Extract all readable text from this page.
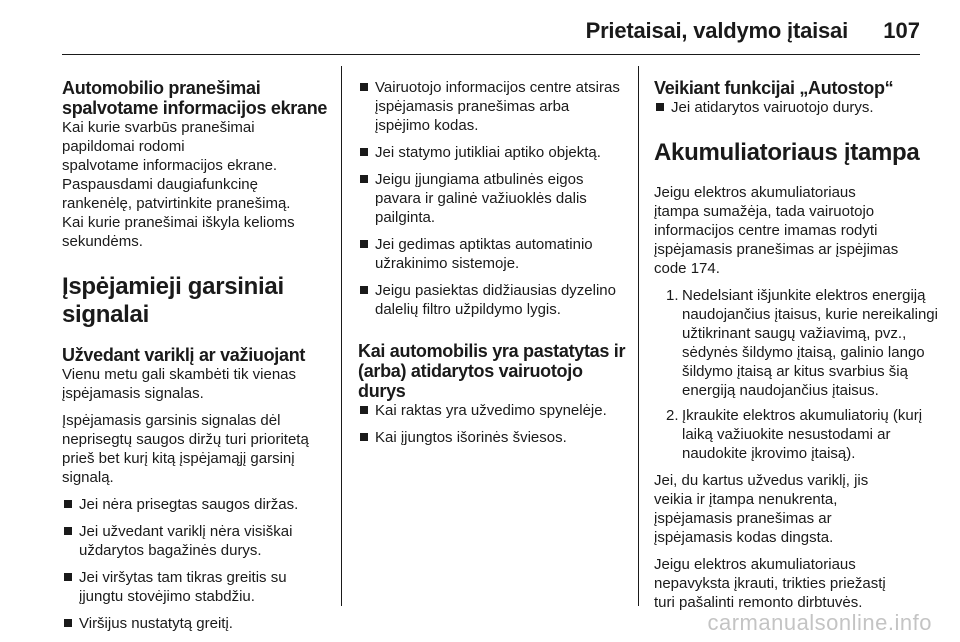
Prietaisai, valdymo įtaisai 107
Automobilio pranešimai spalvotame informacijos ekrane

Kai kurie svarbūs pranešimai
papildomai rodomi
spalvotame informacijos ekrane.
Paspausdami daugiafunkcinę
rankenėlę, patvirtinkite pranešimą.
Kai kurie pranešimai iškyla kelioms
sekundėms.

Įspėjamieji garsiniai signalai
Užvedant variklį ar važiuojant

Vienu metu gali skambėti tik vienas
įspėjamasis signalas.

Įspėjamasis garsinis signalas dėl
neprisegtų saugos diržų turi prioritetą
prieš bet kurį kitą įspėjamąjį garsinį
signalą.

Jei nėra prisegtas saugos diržas.
Jei užvedant variklį nėra visiškai uždarytos bagažinės durys.
Jei viršytas tam tikras greitis su įjungtu stovėjimo stabdžiu.
Viršijus nustatytą greitį.
Vairuotojo informacijos centre atsiras įspėjamasis pranešimas arba įspėjimo kodas.
Jei statymo jutikliai aptiko objektą.
Jeigu įjungiama atbulinės eigos pavara ir galinė važiuoklės dalis pailginta.
Jei gedimas aptiktas automatinio užrakinimo sistemoje.
Jeigu pasiektas didžiausias dyzelino dalelių filtro užpildymo lygis.
Kai automobilis yra pastatytas ir (arba) atidarytos vairuotojo durys
Kai raktas yra užvedimo spynelėje.
Kai įjungtos išorinės šviesos.
Veikiant funkcijai „Autostop“
Jei atidarytos vairuotojo durys.
Akumuliatoriaus įtampa

Jeigu elektros akumuliatoriaus
įtampa sumažėja, tada vairuotojo
informacijos centre imamas rodyti
įspėjamasis pranešimas ar įspėjimas
code 174.

1. Nedelsiant išjunkite elektros energiją naudojančius įtaisus, kurie nereikalingi užtikrinant saugų važiavimą, pvz., sėdynės šildymo įtaisą, galinio lango šildymo įtaisą ar kitus svarbius šią energiją naudojančius įtaisus.
2. Įkraukite elektros akumuliatorių (kurį laiką važiuokite nesustodami ar naudokite įkrovimo įtaisą).

Jei, du kartus užvedus variklį, jis
veikia ir įtampa nenukrenta,
įspėjamasis pranešimas ar
įspėjamasis kodas dingsta.

Jeigu elektros akumuliatoriaus
nepavyksta įkrauti, trikties priežastį
turi pašalinti remonto dirbtuvės.

carmanualsonline.info
